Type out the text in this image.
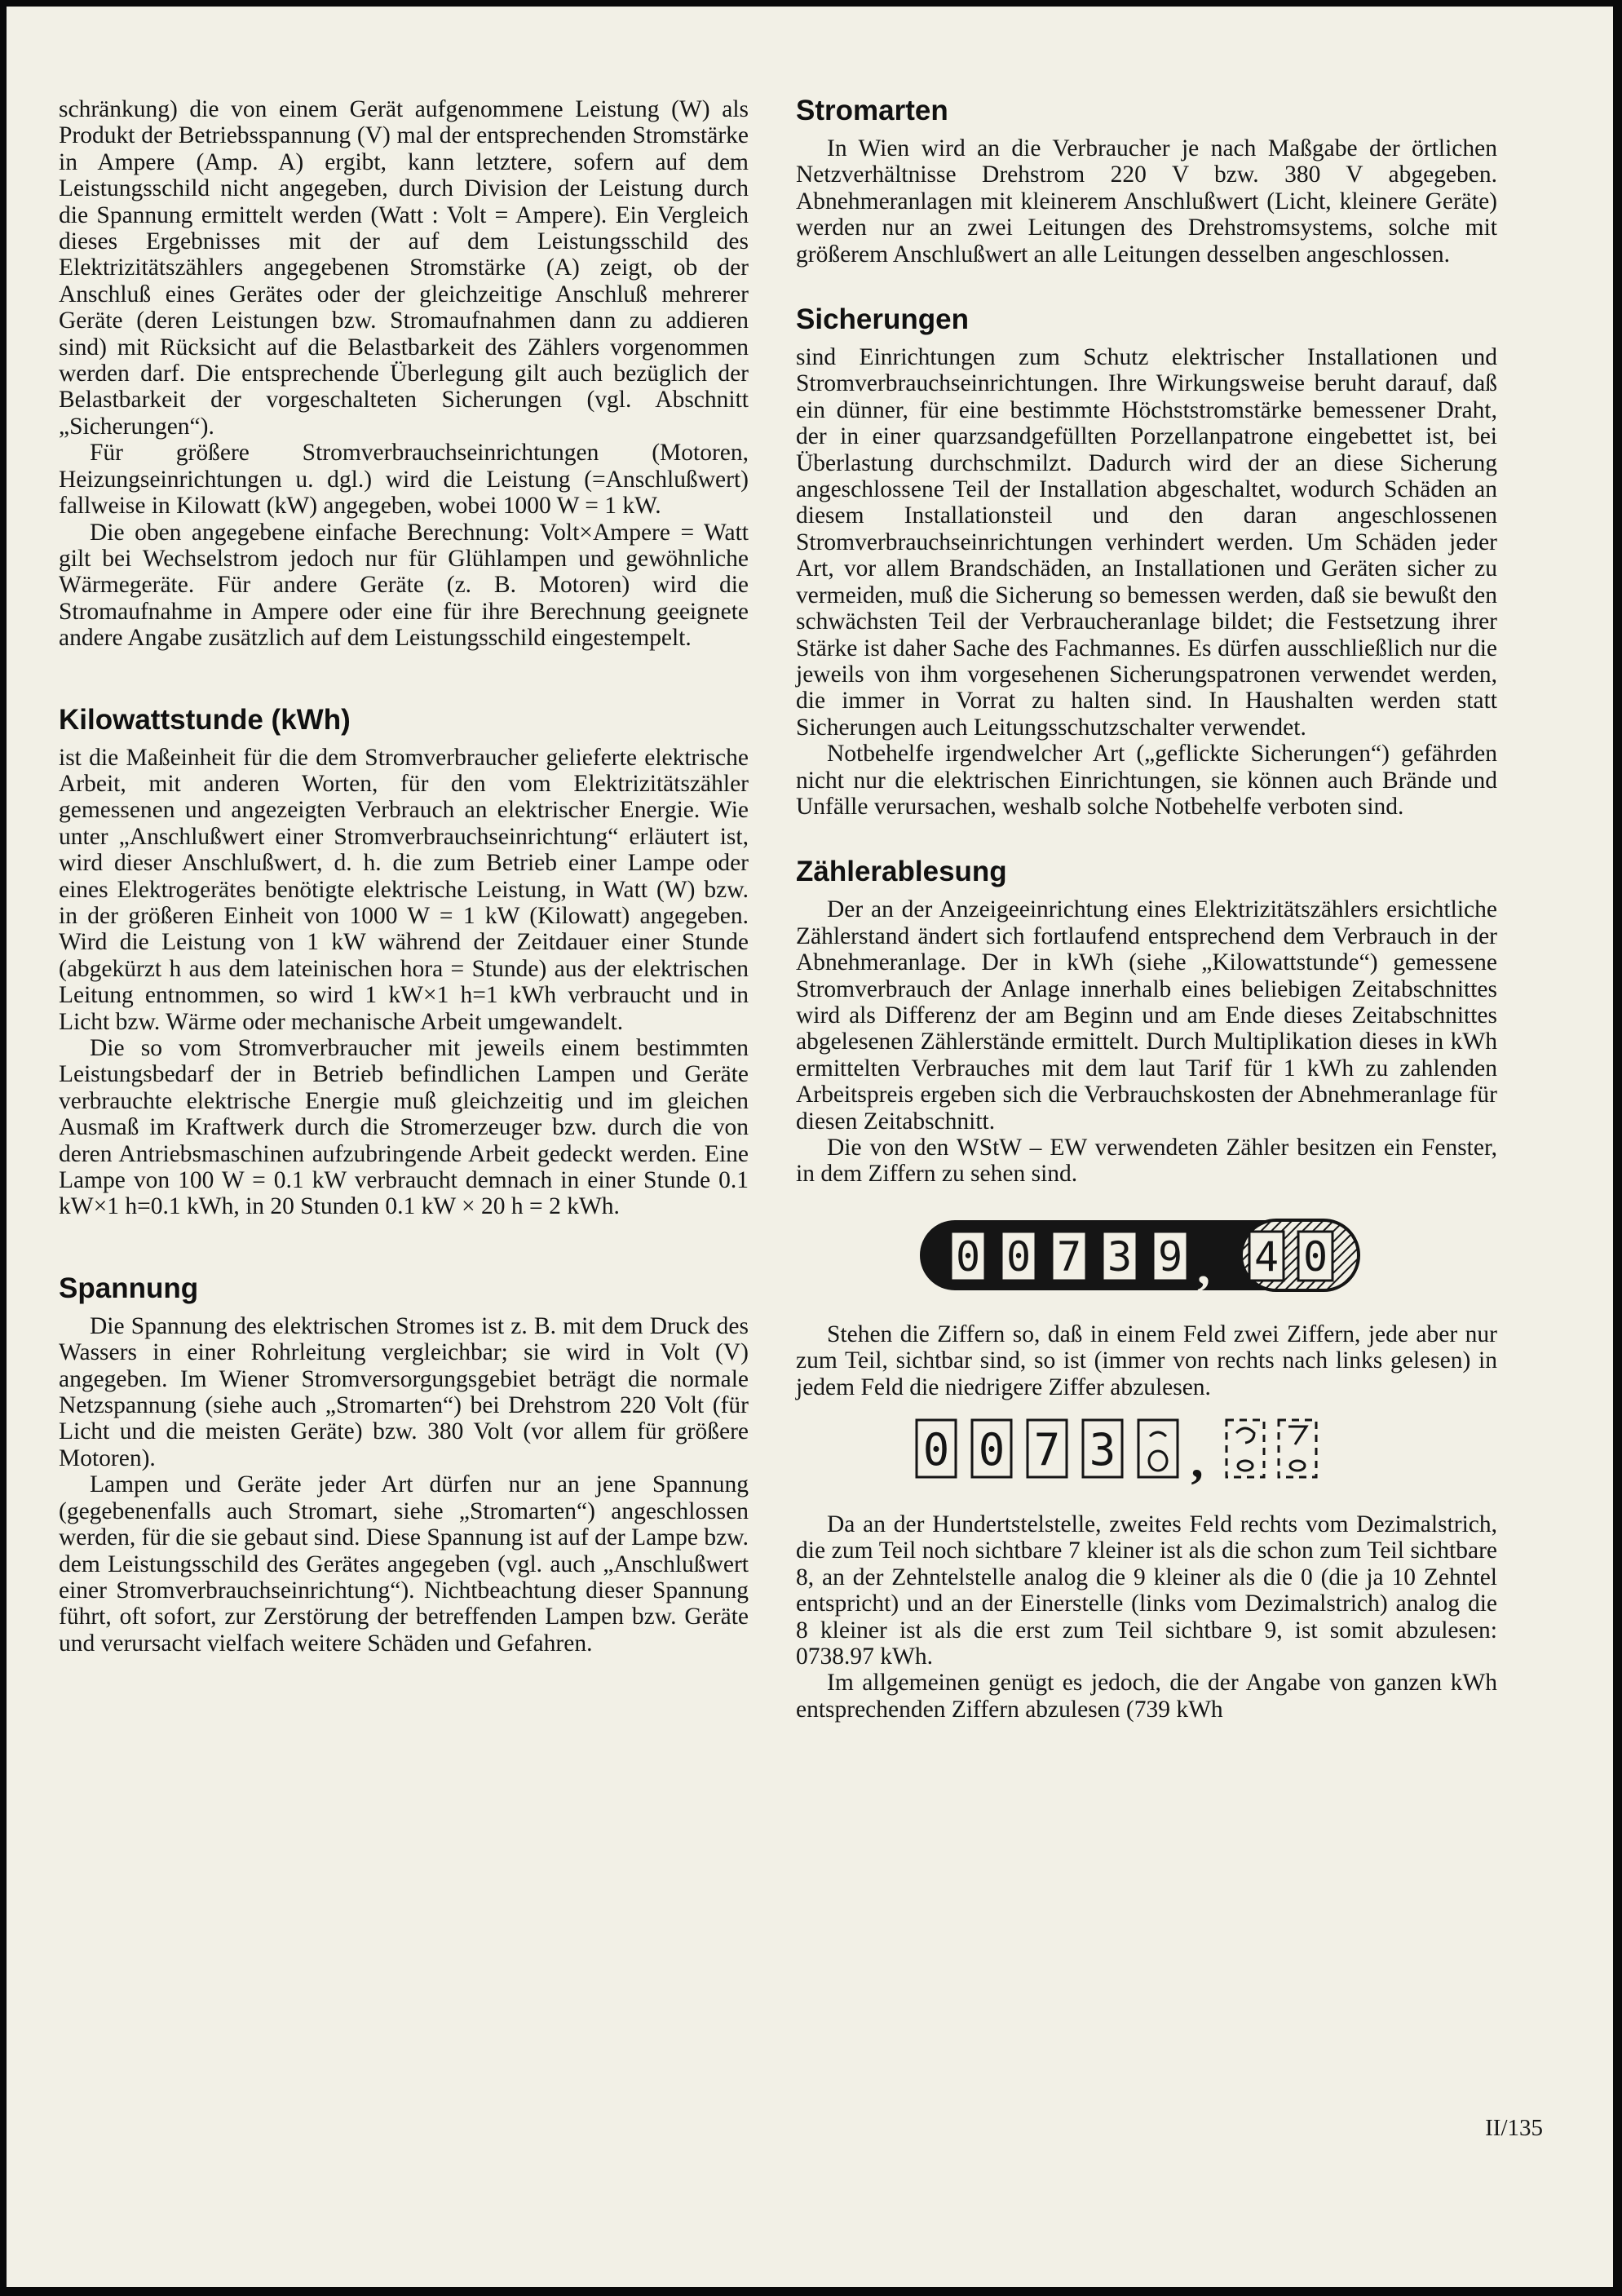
schränkung) die von einem Gerät aufgenommene Leistung (W) als Produkt der Betriebsspannung (V) mal der entsprechenden Stromstärke in Ampere (Amp. A) ergibt, kann letztere, sofern auf dem Leistungsschild nicht angegeben, durch Division der Leistung durch die Spannung ermittelt werden (Watt : Volt = Ampere). Ein Vergleich dieses Ergebnisses mit der auf dem Leistungsschild des Elektrizitätszählers angegebenen Stromstärke (A) zeigt, ob der Anschluß eines Gerätes oder der gleichzeitige Anschluß mehrerer Geräte (deren Leistungen bzw. Stromaufnahmen dann zu addieren sind) mit Rücksicht auf die Belastbarkeit des Zählers vorgenommen werden darf. Die entsprechende Überlegung gilt auch bezüglich der Belastbarkeit der vorgeschalteten Sicherungen (vgl. Abschnitt „Sicherungen“).

Für größere Stromverbrauchseinrichtungen (Motoren, Heizungseinrichtungen u. dgl.) wird die Leistung (=Anschlußwert) fallweise in Kilowatt (kW) angegeben, wobei 1000 W = 1 kW.

Die oben angegebene einfache Berechnung: Volt×Ampere = Watt gilt bei Wechselstrom jedoch nur für Glühlampen und gewöhnliche Wärmegeräte. Für andere Geräte (z. B. Motoren) wird die Stromaufnahme in Ampere oder eine für ihre Berechnung geeignete andere Angabe zusätzlich auf dem Leistungsschild eingestempelt.

Kilowattstunde (kWh)

ist die Maßeinheit für die dem Stromverbraucher gelieferte elektrische Arbeit, mit anderen Worten, für den vom Elektrizitätszähler gemessenen und angezeigten Verbrauch an elektrischer Energie. Wie unter „Anschlußwert einer Stromverbrauchseinrichtung“ erläutert ist, wird dieser Anschlußwert, d. h. die zum Betrieb einer Lampe oder eines Elektrogerätes benötigte elektrische Leistung, in Watt (W) bzw. in der größeren Einheit von 1000 W = 1 kW (Kilowatt) angegeben. Wird die Leistung von 1 kW während der Zeitdauer einer Stunde (abgekürzt h aus dem lateinischen hora = Stunde) aus der elektrischen Leitung entnommen, so wird 1 kW×1 h=1 kWh verbraucht und in Licht bzw. Wärme oder mechanische Arbeit umgewandelt.

Die so vom Stromverbraucher mit jeweils einem bestimmten Leistungsbedarf der in Betrieb befindlichen Lampen und Geräte verbrauchte elektrische Energie muß gleichzeitig und im gleichen Ausmaß im Kraftwerk durch die Stromerzeuger bzw. durch die von deren Antriebsmaschinen aufzubringende Arbeit gedeckt werden. Eine Lampe von 100 W = 0.1 kW verbraucht demnach in einer Stunde 0.1 kW×1 h=0.1 kWh, in 20 Stunden 0.1 kW × 20 h = 2 kWh.

Spannung

Die Spannung des elektrischen Stromes ist z. B. mit dem Druck des Wassers in einer Rohrleitung vergleichbar; sie wird in Volt (V) angegeben. Im Wiener Stromversorgungsgebiet beträgt die normale Netzspannung (siehe auch „Stromarten“) bei Drehstrom 220 Volt (für Licht und die meisten Geräte) bzw. 380 Volt (vor allem für größere Motoren).

Lampen und Geräte jeder Art dürfen nur an jene Spannung (gegebenenfalls auch Stromart, siehe „Stromarten“) angeschlossen werden, für die sie gebaut sind. Diese Spannung ist auf der Lampe bzw. dem Leistungsschild des Gerätes angegeben (vgl. auch „Anschlußwert einer Stromverbrauchseinrichtung“). Nichtbeachtung dieser Spannung führt, oft sofort, zur Zerstörung der betreffenden Lampen bzw. Geräte und verursacht vielfach weitere Schäden und Gefahren.

Stromarten

In Wien wird an die Verbraucher je nach Maßgabe der örtlichen Netzverhältnisse Drehstrom 220 V bzw. 380 V abgegeben. Abnehmeranlagen mit kleinerem Anschlußwert (Licht, kleinere Geräte) werden nur an zwei Leitungen des Drehstromsystems, solche mit größerem Anschlußwert an alle Leitungen desselben angeschlossen.

Sicherungen

sind Einrichtungen zum Schutz elektrischer Installationen und Stromverbrauchseinrichtungen. Ihre Wirkungsweise beruht darauf, daß ein dünner, für eine bestimmte Höchststromstärke bemessener Draht, der in einer quarzsandgefüllten Porzellanpatrone eingebettet ist, bei Überlastung durchschmilzt. Dadurch wird der an diese Sicherung angeschlossene Teil der Installation abgeschaltet, wodurch Schäden an diesem Installationsteil und den daran angeschlossenen Stromverbrauchseinrichtungen verhindert werden. Um Schäden jeder Art, vor allem Brandschäden, an Installationen und Geräten sicher zu vermeiden, muß die Sicherung so bemessen werden, daß sie bewußt den schwächsten Teil der Verbraucheranlage bildet; die Festsetzung ihrer Stärke ist daher Sache des Fachmannes. Es dürfen ausschließlich nur die jeweils von ihm vorgesehenen Sicherungspatronen verwendet werden, die immer in Vorrat zu halten sind. In Haushalten werden statt Sicherungen auch Leitungsschutzschalter verwendet.

Notbehelfe irgendwelcher Art („geflickte Sicherungen“) gefährden nicht nur die elektrischen Einrichtungen, sie können auch Brände und Unfälle verursachen, weshalb solche Notbehelfe verboten sind.

Zählerablesung

Der an der Anzeigeeinrichtung eines Elektrizitätszählers ersichtliche Zählerstand ändert sich fortlaufend entsprechend dem Verbrauch in der Abnehmeranlage. Der in kWh (siehe „Kilowattstunde“) gemessene Stromverbrauch der Anlage innerhalb eines beliebigen Zeitabschnittes wird als Differenz der am Beginn und am Ende dieses Zeitabschnittes abgelesenen Zählerstände ermittelt. Durch Multiplikation dieses in kWh ermittelten Verbrauches mit dem laut Tarif für 1 kWh zu zahlenden Arbeitspreis ergeben sich die Verbrauchskosten der Abnehmeranlage für diesen Zeitabschnitt.

Die von den WStW – EW verwendeten Zähler besitzen ein Fenster, in dem Ziffern zu sehen sind.

0 0 7 3 9 4 0
,

Stehen die Ziffern so, daß in einem Feld zwei Ziffern, jede aber nur zum Teil, sichtbar sind, so ist (immer von rechts nach links gelesen) in jedem Feld die niedrigere Ziffer abzulesen.

0 0 7 3 ,

Da an der Hundertstelstelle, zweites Feld rechts vom Dezimalstrich, die zum Teil noch sichtbare 7 kleiner ist als die schon zum Teil sichtbare 8, an der Zehntelstelle analog die 9 kleiner als die 0 (die ja 10 Zehntel entspricht) und an der Einerstelle (links vom Dezimalstrich) analog die 8 kleiner ist als die erst zum Teil sichtbare 9, ist somit abzulesen: 0738.97 kWh.

Im allgemeinen genügt es jedoch, die der Angabe von ganzen kWh entsprechenden Ziffern abzulesen (739 kWh

II/135
